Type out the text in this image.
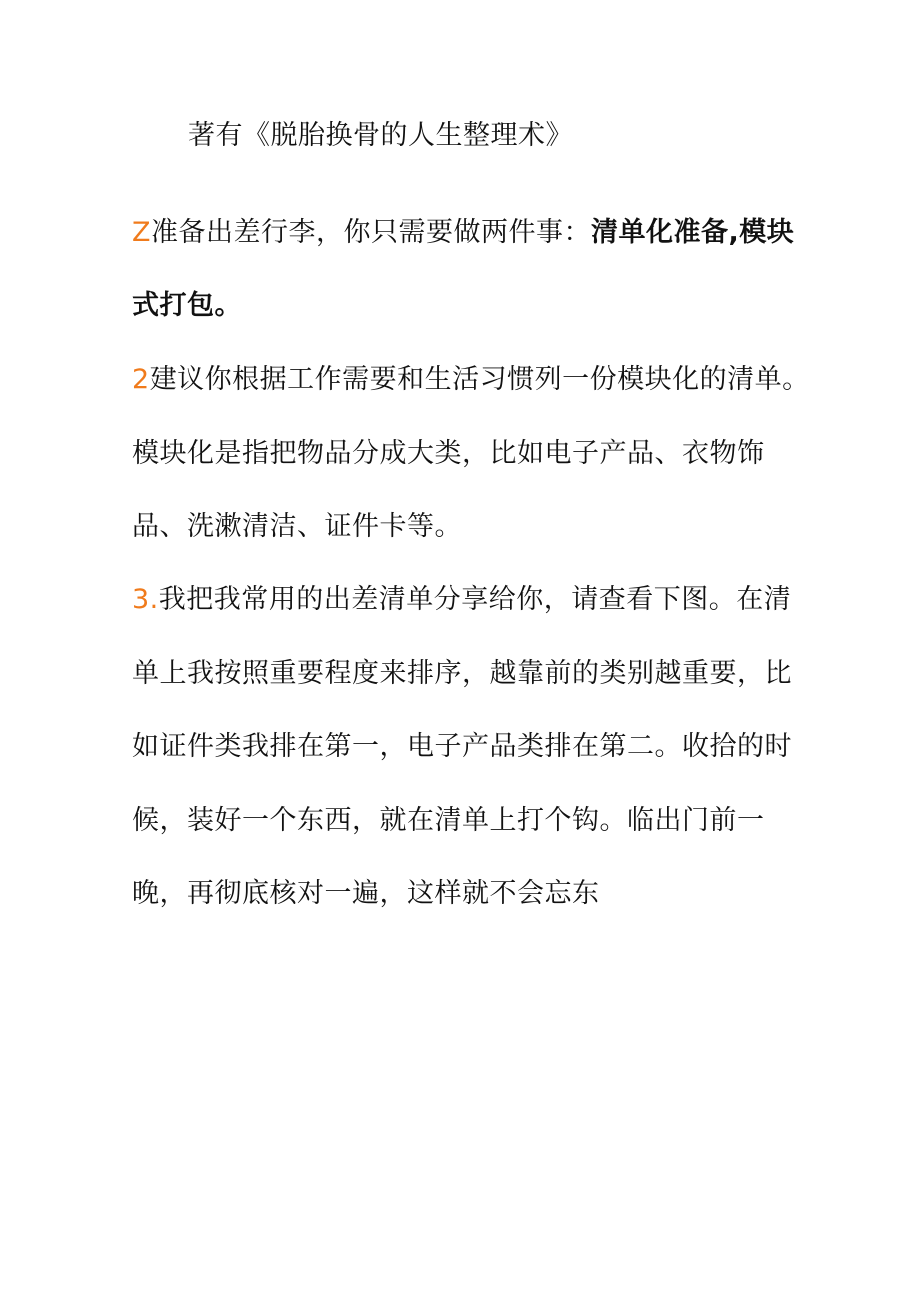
著有《脱胎换骨的人生整理术》
Z准备出差行李，你只需要做两件事：清单化准备,模块
式打包。
2建议你根据工作需要和生活习惯列一份模块化的清单。
模块化是指把物品分成大类，比如电子产品、衣物饰
品、洗漱清洁、证件卡等。
3.我把我常用的出差清单分享给你，请查看下图。在清
单上我按照重要程度来排序，越靠前的类别越重要，比
如证件类我排在第一，电子产品类排在第二。收拾的时
候，装好一个东西，就在清单上打个钩。临出门前一
晚，再彻底核对一遍，这样就不会忘东
